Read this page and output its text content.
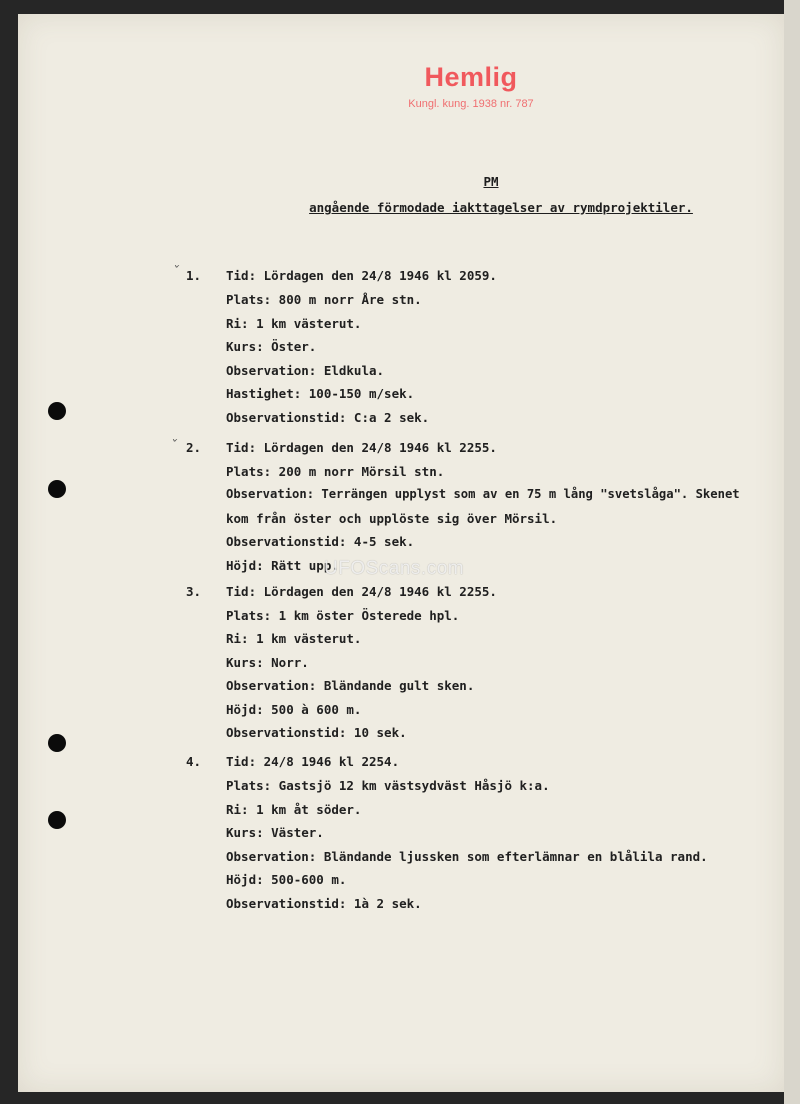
Hemlig
Kungl. kung. 1938 nr. 787
PM
angående förmodade iakttagelser av rymdprojektiler.
1. Tid: Lördagen den 24/8 1946 kl 2059.
Plats: 800 m norr Åre stn.
Ri: 1 km västerut.
Kurs: Öster.
Observation: Eldkula.
Hastighet: 100-150 m/sek.
Observationstid: C:a 2 sek.
2. Tid: Lördagen den 24/8 1946 kl 2255.
Plats: 200 m norr Mörsil stn.
Observation: Terrängen upplyst som av en 75 m lång "svetslåga". Skenet
kom från öster och upplöste sig över Mörsil.
Observationstid: 4-5 sek.
Höjd: Rätt upp.
3. Tid: Lördagen den 24/8 1946 kl 2255.
Plats: 1 km öster Österede hpl.
Ri: 1 km västerut.
Kurs: Norr.
Observation: Bländande gult sken.
Höjd: 500 à 600 m.
Observationstid: 10 sek.
4. Tid: 24/8 1946 kl 2254.
Plats: Gastsjö 12 km västsydväst Håsjö k:a.
Ri: 1 km åt söder.
Kurs: Väster.
Observation: Bländande ljussken som efterlämnar en blålila rand.
Höjd: 500-600 m.
Observationstid: 1à 2 sek.
ˇ
ˇ
UFOScans.com
